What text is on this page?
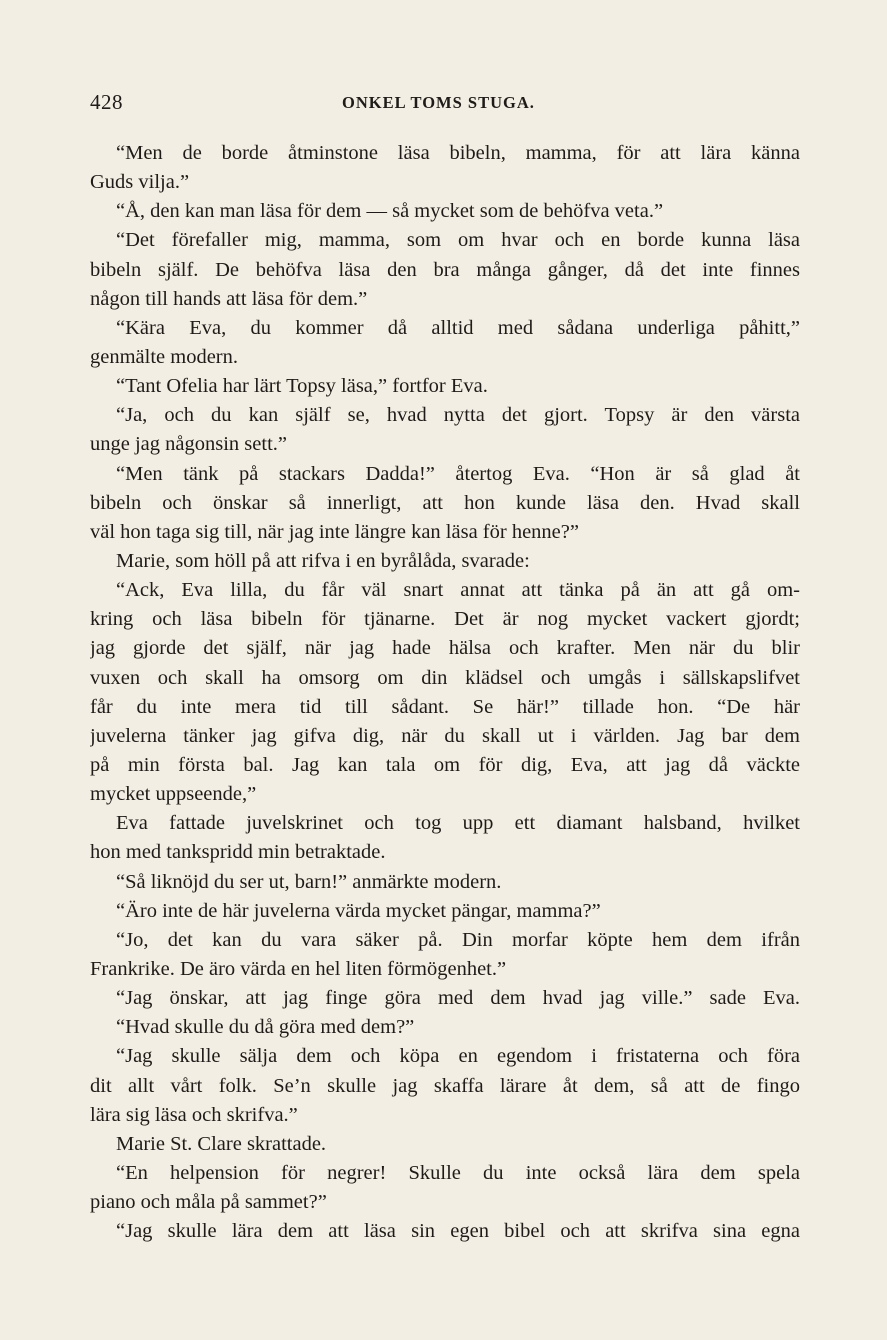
428	ONKEL TOMS STUGA.
“Men de borde åtminstone läsa bibeln, mamma, för att lära känna
Guds vilja.”
“Å, den kan man läsa för dem — så mycket som de behöfva veta.”
“Det förefaller mig, mamma, som om hvar och en borde kunna läsa
bibeln själf. De behöfva läsa den bra många gånger, då det inte finnes
någon till hands att läsa för dem.”
“Kära Eva, du kommer då alltid med sådana underliga påhitt,”
genmälte modern.
“Tant Ofelia har lärt Topsy läsa,” fortfor Eva.
“Ja, och du kan själf se, hvad nytta det gjort. Topsy är den värsta
unge jag någonsin sett.”
“Men tänk på stackars Dadda!” återtog Eva. “Hon är så glad åt
bibeln och önskar så innerligt, att hon kunde läsa den. Hvad skall
väl hon taga sig till, när jag inte längre kan läsa för henne?”
Marie, som höll på att rifva i en byrålåda, svarade:
“Ack, Eva lilla, du får väl snart annat att tänka på än att gå om-
kring och läsa bibeln för tjänarne. Det är nog mycket vackert gjordt;
jag gjorde det själf, när jag hade hälsa och krafter. Men när du blir
vuxen och skall ha omsorg om din klädsel och umgås i sällskapslifvet
får du inte mera tid till sådant. Se här!” tillade hon. “De här
juvelerna tänker jag gifva dig, när du skall ut i världen. Jag bar dem
på min första bal. Jag kan tala om för dig, Eva, att jag då väckte
mycket uppseende,”
Eva fattade juvelskrinet och tog upp ett diamant halsband, hvilket
hon med tankspridd min betraktade.
“Så liknöjd du ser ut, barn!” anmärkte modern.
“Äro inte de här juvelerna värda mycket pängar, mamma?”
“Jo, det kan du vara säker på. Din morfar köpte hem dem ifrån
Frankrike. De äro värda en hel liten förmögenhet.”
“Jag önskar, att jag finge göra med dem hvad jag ville.” sade Eva.
“Hvad skulle du då göra med dem?”
“Jag skulle sälja dem och köpa en egendom i fristaterna och föra
dit allt vårt folk. Se’n skulle jag skaffa lärare åt dem, så att de fingo
lära sig läsa och skrifva.”
Marie St. Clare skrattade.
“En helpension för negrer! Skulle du inte också lära dem spela
piano och måla på sammet?”
“Jag skulle lära dem att läsa sin egen bibel och att skrifva sina egna
